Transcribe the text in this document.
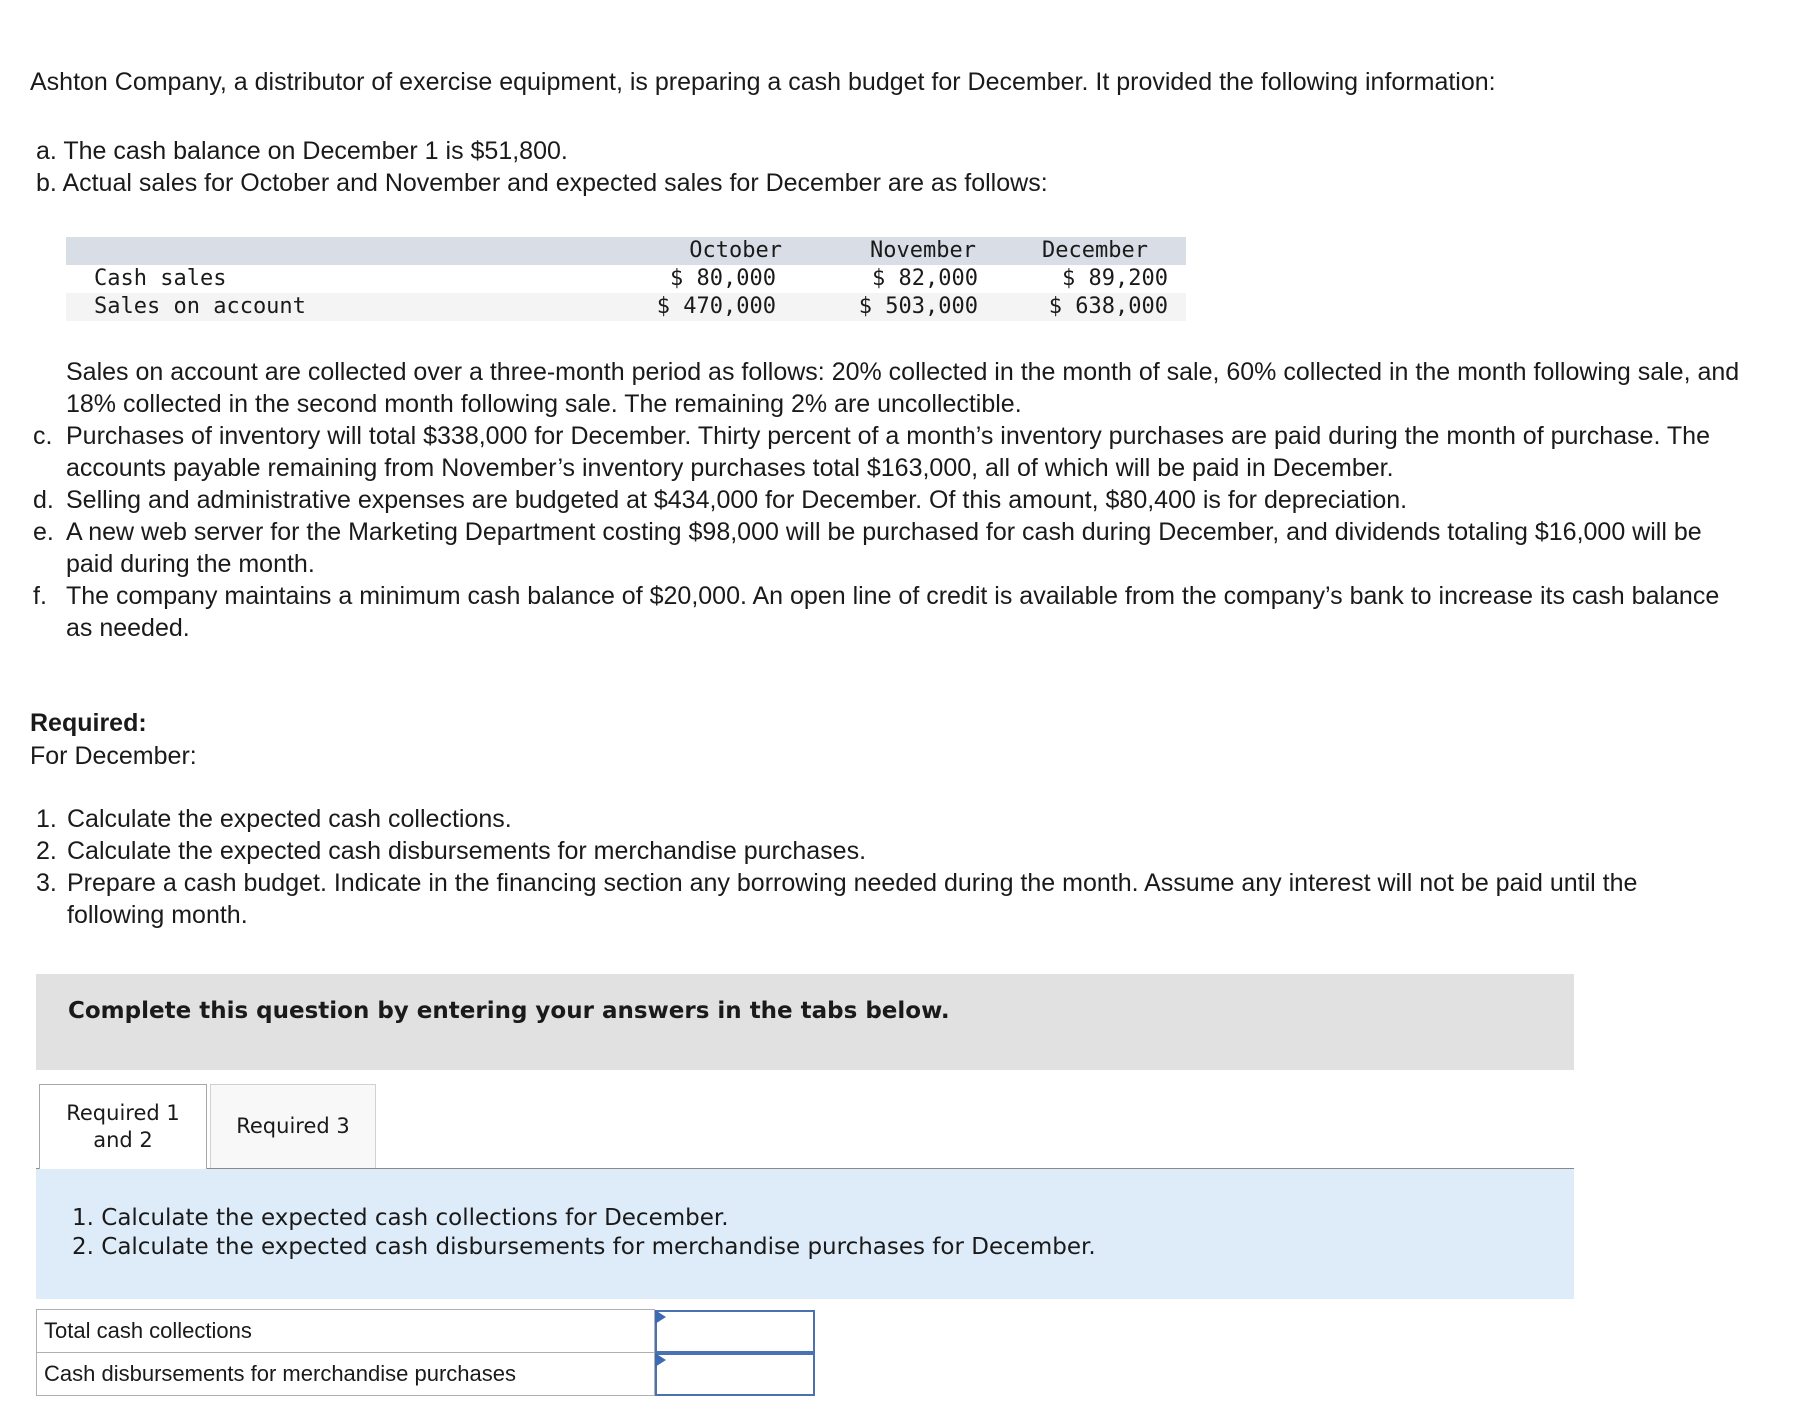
Ashton Company, a distributor of exercise equipment, is preparing a cash budget for December. It provided the following information:
a. The cash balance on December 1 is $51,800.
b. Actual sales for October and November and expected sales for December are as follows:
	October	November	December
Cash sales	$ 80,000	$ 82,000	$ 89,200
Sales on account	$ 470,000	$ 503,000	$ 638,000
Sales on account are collected over a three-month period as follows: 20% collected in the month of sale, 60% collected in the month following sale, and 18% collected in the second month following sale. The remaining 2% are uncollectible.
c. Purchases of inventory will total $338,000 for December. Thirty percent of a month’s inventory purchases are paid during the month of purchase. The accounts payable remaining from November’s inventory purchases total $163,000, all of which will be paid in December.
d. Selling and administrative expenses are budgeted at $434,000 for December. Of this amount, $80,400 is for depreciation.
e. A new web server for the Marketing Department costing $98,000 will be purchased for cash during December, and dividends totaling $16,000 will be paid during the month.
f. The company maintains a minimum cash balance of $20,000. An open line of credit is available from the company’s bank to increase its cash balance as needed.
Required:
For December:
1. Calculate the expected cash collections.
2. Calculate the expected cash disbursements for merchandise purchases.
3. Prepare a cash budget. Indicate in the financing section any borrowing needed during the month. Assume any interest will not be paid until the following month.
Complete this question by entering your answers in the tabs below.
Required 1
and 2
Required 3
1. Calculate the expected cash collections for December.
2. Calculate the expected cash disbursements for merchandise purchases for December.
Total cash collections	

Cash disbursements for merchandise purchases	
